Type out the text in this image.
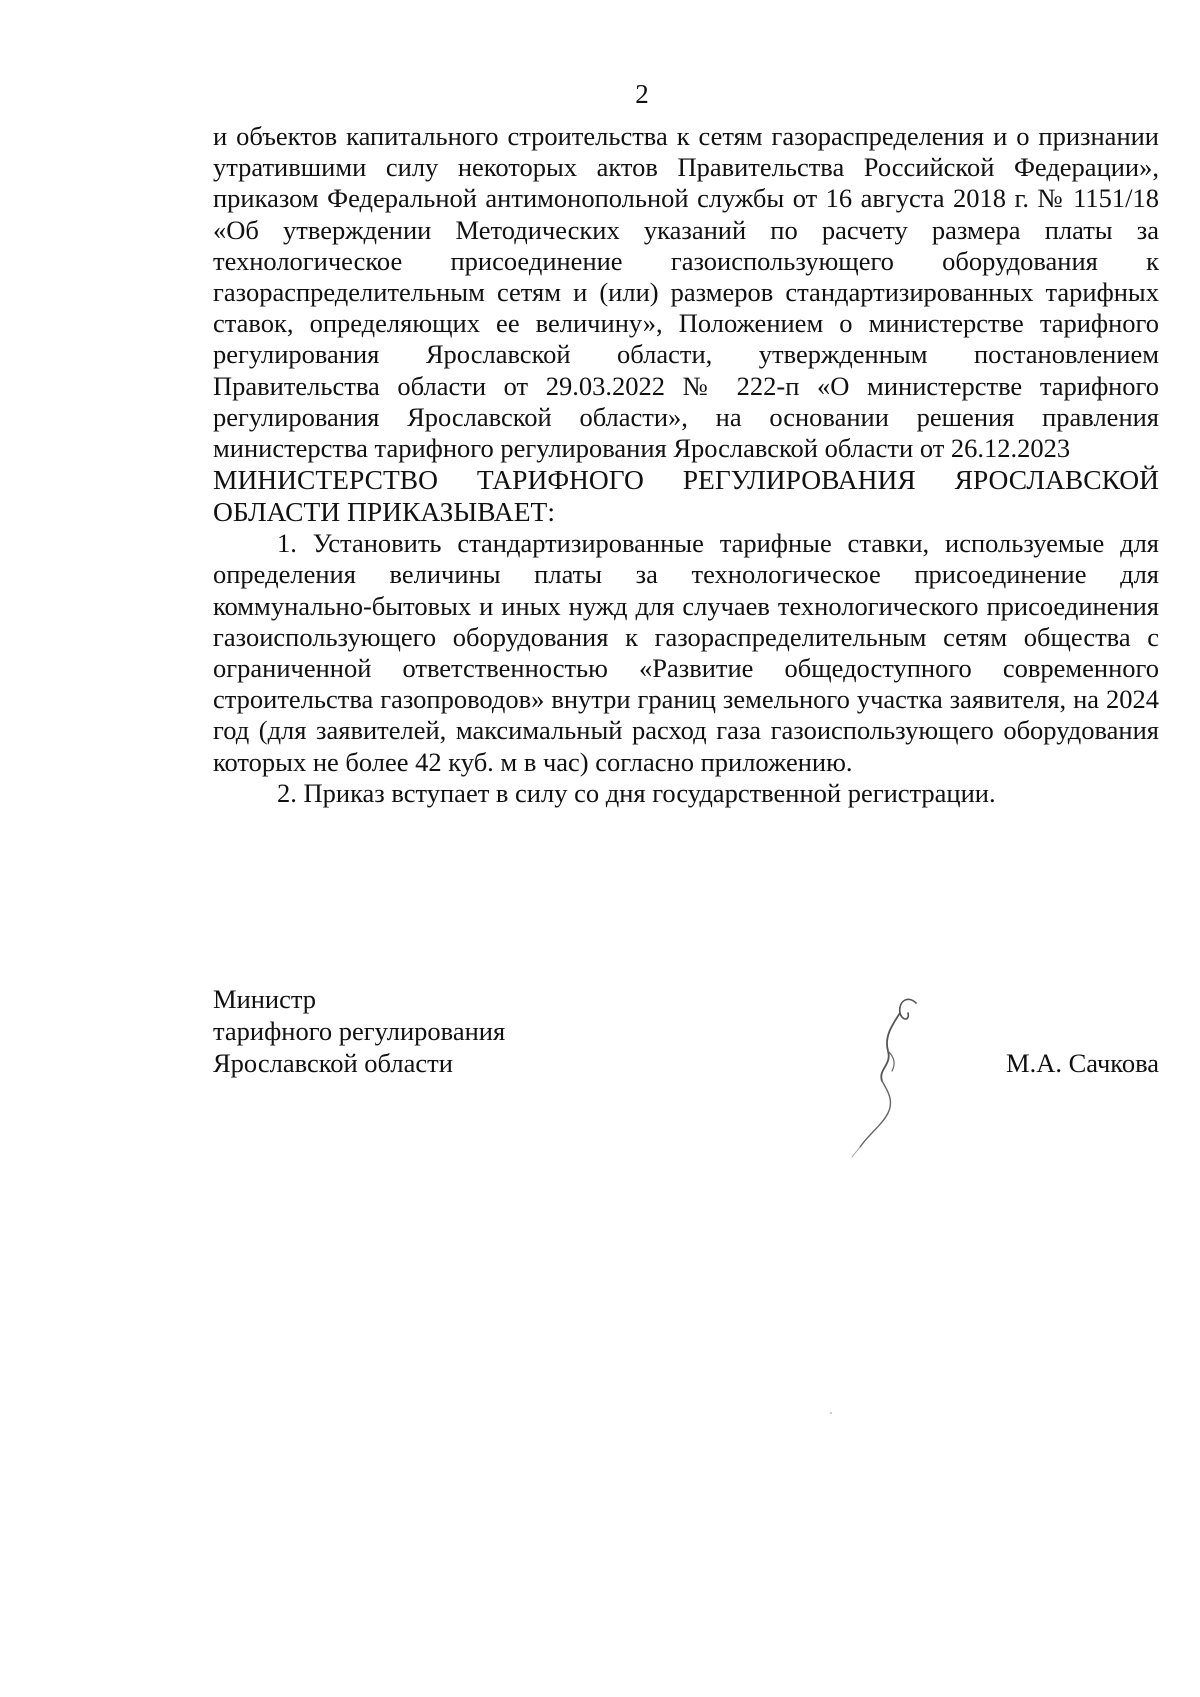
2

и объектов капитального строительства к сетям газораспределения и о признании утратившими силу некоторых актов Правительства Российской Федерации», приказом Федеральной антимонопольной службы от 16 августа 2018 г. № 1151/18 «Об утверждении Методических указаний по расчету размера платы за технологическое присоединение газоиспользующего оборудования к газораспределительным сетям и (или) размеров стандартизированных тарифных ставок, определяющих ее величину», Положением о министерстве тарифного регулирования Ярославской области, утвержденным постановлением Правительства области от 29.03.2022 № 222-п «О министерстве тарифного регулирования Ярославской области», на основании решения правления министерства тарифного регулирования Ярославской области от 26.12.2023

МИНИСТЕРСТВО ТАРИФНОГО РЕГУЛИРОВАНИЯ ЯРОСЛАВСКОЙ ОБЛАСТИ ПРИКАЗЫВАЕТ:

1. Установить стандартизированные тарифные ставки, используемые для определения величины платы за технологическое присоединение для коммунально-бытовых и иных нужд для случаев технологического присоединения газоиспользующего оборудования к газораспределительным сетям общества с ограниченной ответственностью «Развитие общедоступного современного строительства газопроводов» внутри границ земельного участка заявителя, на 2024 год (для заявителей, максимальный расход газа газоиспользующего оборудования которых не более 42 куб. м в час) согласно приложению.

2. Приказ вступает в силу со дня государственной регистрации.

Министр
тарифного регулирования
Ярославской области	М.А. Сачкова
